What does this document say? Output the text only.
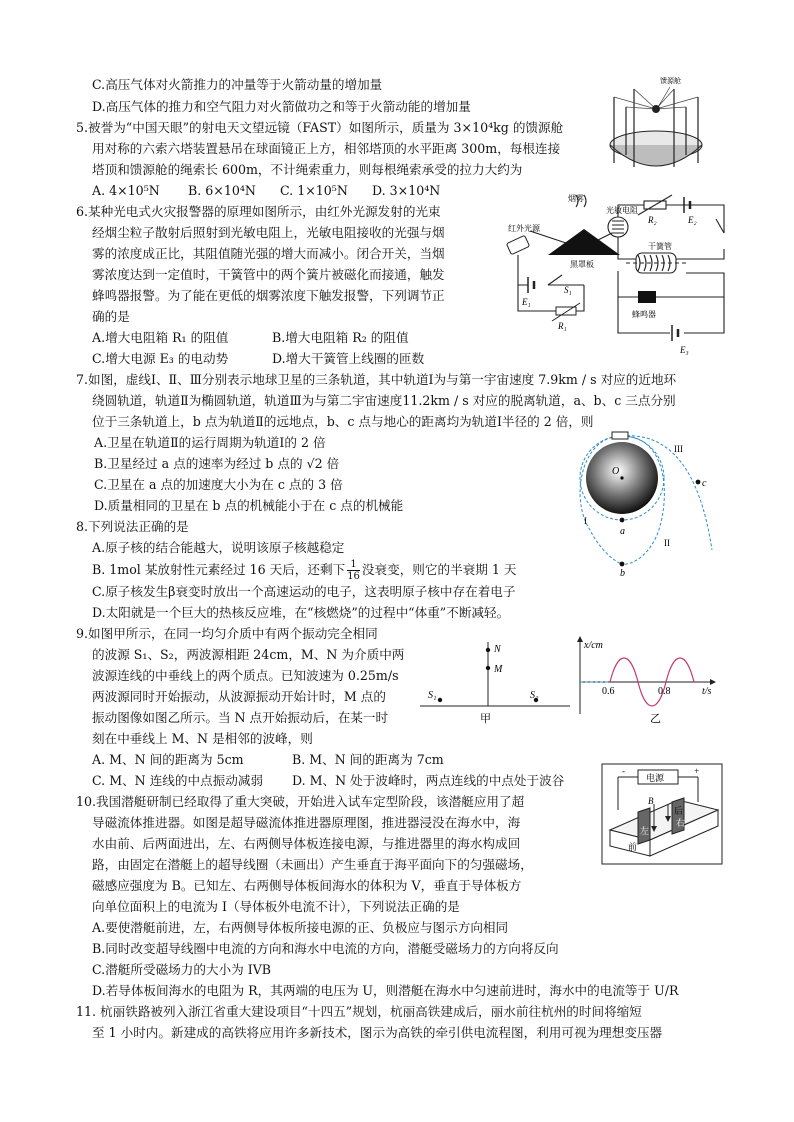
C.高压气体对火箭推力的冲量等于火箭动量的增加量
D.高压气体的推力和空气阻力对火箭做功之和等于火箭动能的增加量
5.被誉为“中国天眼”的射电天文望远镜（FAST）如图所示，质量为 3×10⁴kg 的馈源舱
用对称的六索六塔装置悬吊在球面镜正上方，相邻塔顶的水平距离 300m，每根连接
塔顶和馈源舱的绳索长 600m，不计绳索重力，则每根绳索承受的拉力大约为
A. 4×10⁵N B. 6×10⁴N C. 1×10⁵N D. 3×10⁴N
馈源舱
6.某种光电式火灾报警器的原理如图所示，由红外光源发射的光束
经烟尘粒子散射后照射到光敏电阻上，光敏电阻接收的光强与烟
雾的浓度成正比，其阻值随光强的增大而减小。闭合开关，当烟
雾浓度达到一定值时，干簧管中的两个簧片被磁化而接通，触发
蜂鸣器报警。为了能在更低的烟雾浓度下触发报警，下列调节正
确的是
A.增大电阻箱 R₁ 的阻值	B.增大电阻箱 R₂ 的阻值
C.增大电源 E₃ 的电动势	D.增大干簧管上线圈的匝数
烟雾
红外光源
光敏电阻
黑罩板
干簧管
蜂鸣器
E₁
E₂
E₃
R₁
R₂
S₁
7.如图，虚线Ⅰ、Ⅱ、Ⅲ分别表示地球卫星的三条轨道，其中轨道Ⅰ为与第一宇宙速度 7.9km / s 对应的近地环
绕圆轨道，轨道Ⅱ为椭圆轨道，轨道Ⅲ为与第二宇宙速度11.2km / s 对应的脱离轨道，a、b、c 三点分别
位于三条轨道上，b 点为轨道Ⅱ的远地点，b、c 点与地心的距离均为轨道Ⅰ半径的 2 倍，则
A.卫星在轨道Ⅱ的运行周期为轨道Ⅰ的 2 倍
B.卫星经过 a 点的速率为经过 b 点的 √2 倍
C.卫星在 a 点的加速度大小为在 c 点的 3 倍
D.质量相同的卫星在 b 点的机械能小于在 c 点的机械能
O
a
b
c
I
II
III
8.下列说法正确的是
A.原子核的结合能越大，说明该原子核越稳定
B. 1mol 某放射性元素经过 16 天后，还剩下 $\frac{1}{16}$ 没衰变，则它的半衰期 1 天
C.原子核发生β衰变时放出一个高速运动的电子，这表明原子核中存在着电子
D.太阳就是一个巨大的热核反应堆，在“核燃烧”的过程中“体重”不断减轻。
9.如图甲所示，在同一均匀介质中有两个振动完全相同
的波源 S₁、S₂，两波源相距 24cm，M、N 为介质中两
波源连线的中垂线上的两个质点。已知波速为 0.25m/s
两波源同时开始振动，从波源振动开始计时，M 点的
振动图像如图乙所示。当 N 点开始振动后，在某一时
刻在中垂线上 M、N 是相邻的波峰，则
A. M、N 间的距离为 5cm	B. M、N 间的距离为 7cm
C. M、N 连线的中点振动减弱 D. M、N 处于波峰时，两点连线的中点处于波谷
N
M
S₁	S₂
甲
x/cm
0.6	0.8	t/s
乙
10.我国潜艇研制已经取得了重大突破，开始进入试车定型阶段，该潜艇应用了超
导磁流体推进器。如图是超导磁流体推进器原理图，推进器浸没在海水中，海
水由前、后两面进出，左、右两侧导体板连接电源，与推进器里的海水构成回
路，由固定在潜艇上的超导线圈（未画出）产生垂直于海平面向下的匀强磁场，
磁感应强度为 B。已知左、右两侧导体板间海水的体积为 V，垂直于导体板方
向单位面积上的电流为 I（导体板外电流不计），下列说法正确的是
A.要使潜艇前进，左，右两侧导体板所接电源的正、负极应与图示方向相同
B.同时改变超导线圈中电流的方向和海水中电流的方向，潜艇受磁场力的方向将反向
C.潜艇所受磁场力的大小为 IVB
D.若导体板间海水的电阻为 R，其两端的电压为 U，则潜艇在海水中匀速前进时，海水中的电流等于 U/R
电源
-	+
B
后
左
右
前
11. 杭丽铁路被列入浙江省重大建设项目“十四五”规划，杭丽高铁建成后，丽水前往杭州的时间将缩短
至 1 小时内。新建成的高铁将应用许多新技术，图示为高铁的牵引供电流程图，利用可视为理想变压器
